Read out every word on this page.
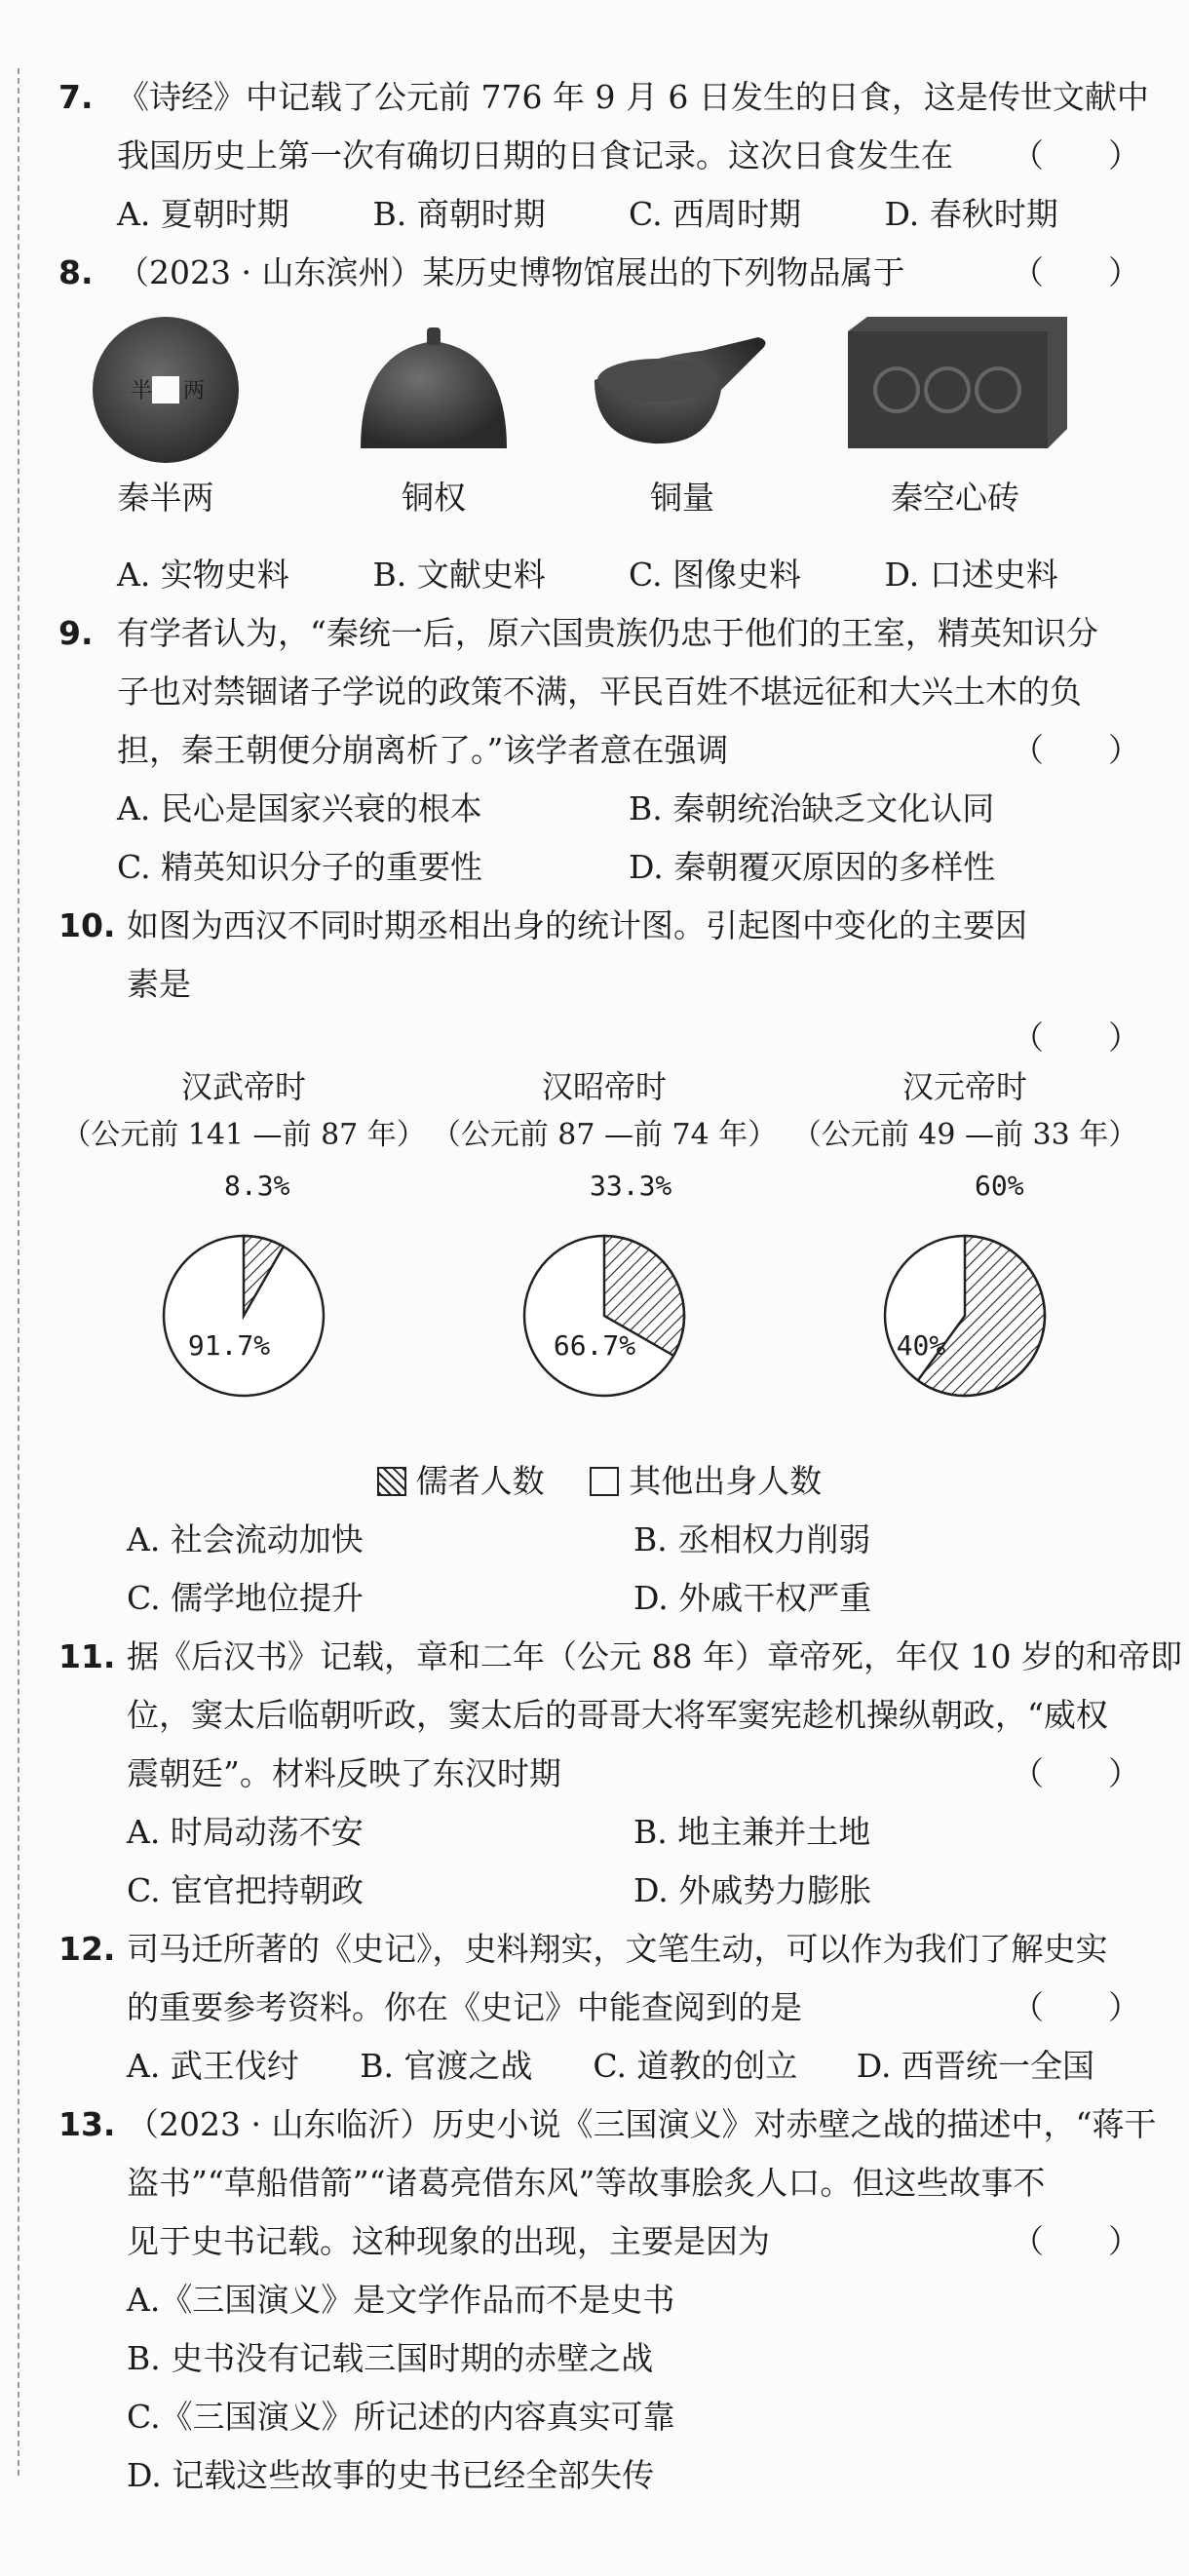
7. 《诗经》中记载了公元前 776 年 9 月 6 日发生的日食，这是传世文献中
我国历史上第一次有确切日期的日食记录。这次日食发生在 （　　）
A. 夏朝时期	B. 商朝时期	C. 西周时期	D. 春秋时期
8. （2023 · 山东滨州）某历史博物馆展出的下列物品属于	（　　）
半 两
秦半两	铜权	铜量	秦空心砖
A. 实物史料	B. 文献史料	C. 图像史料	D. 口述史料
9. 有学者认为，“秦统一后，原六国贵族仍忠于他们的王室，精英知识分
子也对禁锢诸子学说的政策不满，平民百姓不堪远征和大兴土木的负
担，秦王朝便分崩离析了。”该学者意在强调	（　　）
A. 民心是国家兴衰的根本	B. 秦朝统治缺乏文化认同
C. 精英知识分子的重要性	D. 秦朝覆灭原因的多样性
10. 如图为西汉不同时期丞相出身的统计图。引起图中变化的主要因
素是
（　　）
汉武帝时
（公元前 141 —前 87 年）
8.3%
91.7%
汉昭帝时
（公元前 87 —前 74 年）
33.3%
66.7%
汉元帝时
（公元前 49 —前 33 年）
60%
40%
儒者人数	其他出身人数
A. 社会流动加快	B. 丞相权力削弱
C. 儒学地位提升	D. 外戚干权严重
11. 据《后汉书》记载，章和二年（公元 88 年）章帝死，年仅 10 岁的和帝即
位，窦太后临朝听政，窦太后的哥哥大将军窦宪趁机操纵朝政，“威权
震朝廷”。材料反映了东汉时期	（　　）
A. 时局动荡不安	B. 地主兼并土地
C. 宦官把持朝政	D. 外戚势力膨胀
12. 司马迁所著的《史记》，史料翔实，文笔生动，可以作为我们了解史实
的重要参考资料。你在《史记》中能查阅到的是	（　　）
A. 武王伐纣	B. 官渡之战	C. 道教的创立	D. 西晋统一全国
13. （2023 · 山东临沂）历史小说《三国演义》对赤壁之战的描述中，“蒋干
盗书”“草船借箭”“诸葛亮借东风”等故事脍炙人口。但这些故事不
见于史书记载。这种现象的出现，主要是因为	（　　）
A.《三国演义》是文学作品而不是史书
B. 史书没有记载三国时期的赤壁之战
C.《三国演义》所记述的内容真实可靠
D. 记载这些故事的史书已经全部失传
